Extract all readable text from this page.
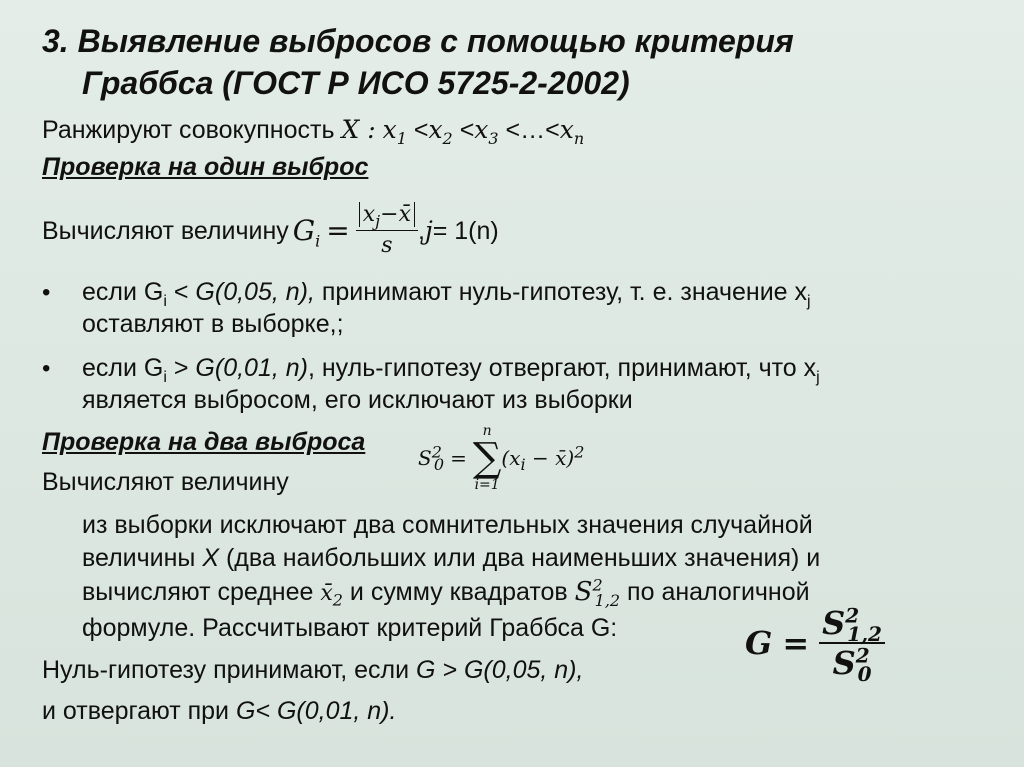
3. Выявление выбросов с помощью критерия
Граббса (ГОСТ Р ИСО 5725-2-2002)
Ранжируют совокупность X : $x_1 <x_2 <x_3$ $<\dots<x_n$
Проверка на один выброс
Вычисляют величину $G_i = \frac{x_j-x̄}{s}$ , j = 1(n)
• если $G_i < G(0,05$, n), принимают нуль-гипотезу, т. е. значение $x_j$
оставляют в выборке,;
• если $G_i > G(0,01$, n), нуль-гипотезу отвергают, принимают, что $x_j$
является выбросом, его исключают из выборки
Проверка на два выброса
$S^2_0$ =
n
∑
i=1
($x_i$ − x̄)$^2$
Вычисляют величину
из выборки исключают два сомнительных значения случайной
величины X (два наибольших или два наименьших значения) и
вычисляют среднее $x̄_2$ и сумму квадратов $S^2_{1,2}$ по аналогичной
формуле. Рассчитывают критерий Граббса G:
Нуль-гипотезу принимают, если G > G(0,05, n),
и отвергают при G< G(0,01, n).
$G = \frac{S^2_{1,2}}{S^2_0}$
